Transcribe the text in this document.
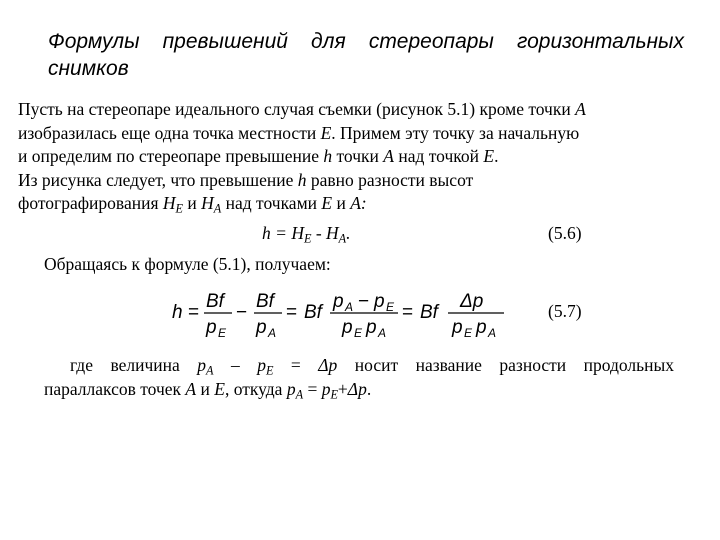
Формулы превышений для стереопары горизонтальных
снимков
Пусть на стереопаре идеального случая съемки (рисунок 5.1) кроме точки A
изобразилась еще одна точка местности E. Примем эту точку за начальную
и определим по стереопаре превышение h точки A над точкой E.
Из рисунка следует, что превышение h равно разности высот
фотографирования $H_E$ и $H_A$ над точками E и A:
$h = H_E - H_A$.	(5.6)
Обращаясь к формуле (5.1), получаем:
h =
Bf
p E
−
Bf
p A
= Bf
p A − p E
p E p A
= Bf
Δp
p E p A
(5.7)
где величина $p_A - p_E = \Delta p$ носит название разности продольных
параллаксов точек A и E, откуда $p_A = p_E+\Delta p$.
